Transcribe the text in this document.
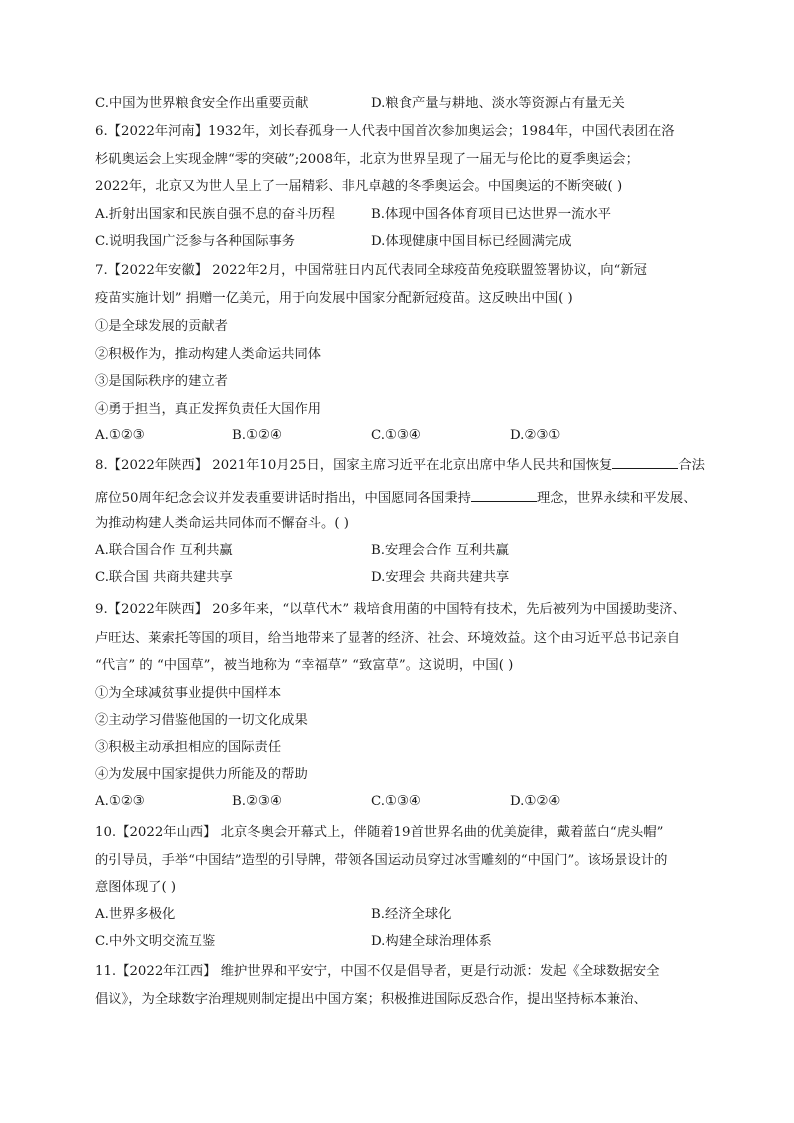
C.中国为世界粮食安全作出重要贡献	D.粮食产量与耕地、淡水等资源占有量无关
6.【2022年河南】1932年，刘长春孤身一人代表中国首次参加奥运会；1984年，中国代表团在洛
杉矶奥运会上实现金牌“零的突破”;2008年，北京为世界呈现了一届无与伦比的夏季奥运会；
2022年，北京又为世人呈上了一届精彩、非凡卓越的冬季奥运会。中国奥运的不断突破( )
A.折射出国家和民族自强不息的奋斗历程	B.体现中国各体育项目已达世界一流水平
C.说明我国广泛参与各种国际事务	D.体现健康中国目标已经圆满完成
7.【2022年安徽】 2022年2月，中国常驻日内瓦代表同全球疫苗免疫联盟签署协议，向“新冠
疫苗实施计划” 捐赠一亿美元，用于向发展中国家分配新冠疫苗。这反映出中国( )
①是全球发展的贡献者
②积极作为，推动构建人类命运共同体
③是国际秩序的建立者
④勇于担当，真正发挥负责任大国作用
A.①②③	B.①②④	C.①③④	D.②③①
8.【2022年陕西】 2021年10月25日，国家主席习近平在北京出席中华人民共和国恢复	合法
席位50周年纪念会议并发表重要讲话时指出，中国愿同各国秉持	理念，世界永续和平发展、
为推动构建人类命运共同体而不懈奋斗。( )
A.联合国合作 互利共赢	B.安理会合作 互利共赢
C.联合国 共商共建共享	D.安理会 共商共建共享
9.【2022年陕西】 20多年来，“以草代木” 栽培食用菌的中国特有技术，先后被列为中国援助斐济、
卢旺达、莱索托等国的项目，给当地带来了显著的经济、社会、环境效益。这个由习近平总书记亲自
“代言” 的 “中国草”，被当地称为 “幸福草” “致富草”。这说明，中国( )
①为全球减贫事业提供中国样本
②主动学习借鉴他国的一切文化成果
③积极主动承担相应的国际责任
④为发展中国家提供力所能及的帮助
A.①②③	B.②③④	C.①③④	D.①②④
10.【2022年山西】 北京冬奥会开幕式上，伴随着19首世界名曲的优美旋律，戴着蓝白“虎头帽”
的引导员，手举“中国结”造型的引导牌，带领各国运动员穿过冰雪雕刻的“中国门”。该场景设计的
意图体现了( )
A.世界多极化	B.经济全球化
C.中外文明交流互鉴	D.构建全球治理体系
11.【2022年江西】 维护世界和平安宁，中国不仅是倡导者，更是行动派：发起《全球数据安全
倡议》，为全球数字治理规则制定提出中国方案；积极推进国际反恐合作，提出坚持标本兼治、
